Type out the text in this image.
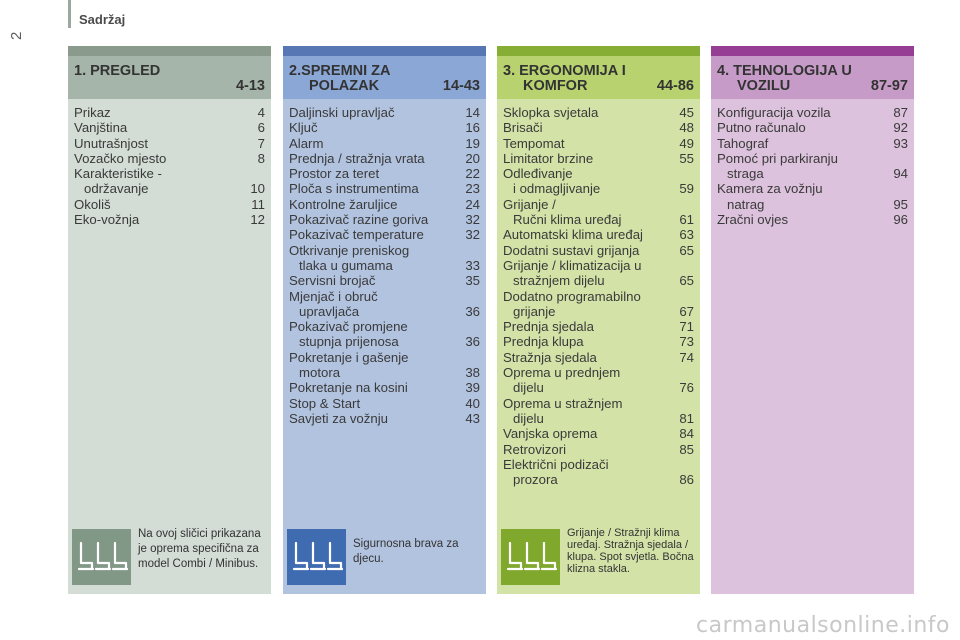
2
Sadržaj
1. PREGLED
4-13
Prikaz	4
Vanjština	6
Unutrašnjost	7
Vozačko mjesto	8
Karakteristike -
održavanje	10
Okoliš	11
Eko-vožnja	12
Na ovoj sličici prikazana je oprema specifična za model Combi / Minibus.
2.SPREMNI ZA
POLAZAK	14-43
Daljinski upravljač	14
Ključ	16
Alarm	19
Prednja / stražnja vrata	20
Prostor za teret	22
Ploča s instrumentima	23
Kontrolne žaruljice	24
Pokazivač razine goriva	32
Pokazivač temperature	32
Otkrivanje preniskog
tlaka u gumama	33
Servisni brojač	35
Mjenjač i obruč
upravljača	36
Pokazivač promjene
stupnja prijenosa	36
Pokretanje i gašenje
motora	38
Pokretanje na kosini	39
Stop & Start	40
Savjeti za vožnju	43
Sigurnosna brava za djecu.
3. ERGONOMIJA I
KOMFOR	44-86
Sklopka svjetala	45
Brisači	48
Tempomat	49
Limitator brzine	55
Odleđivanje
i odmagljivanje	59
Grijanje /
Ručni klima uređaj	61
Automatski klima uređaj	63
Dodatni sustavi grijanja	65
Grijanje / klimatizacija u
stražnjem dijelu	65
Dodatno programabilno
grijanje	67
Prednja sjedala	71
Prednja klupa	73
Stražnja sjedala	74
Oprema u prednjem
dijelu	76
Oprema u stražnjem
dijelu	81
Vanjska oprema	84
Retrovizori	85
Električni podizači
prozora	86
Grijanje / Stražnji klima uređaj. Stražnja sjedala / klupa. Spot svjetla. Bočna klizna stakla.
4. TEHNOLOGIJA U
VOZILU	87-97
Konfiguracija vozila	87
Putno računalo	92
Tahograf	93
Pomoć pri parkiranju
straga	94
Kamera za vožnju
natrag	95
Zračni ovjes	96
carmanualsonline.info
